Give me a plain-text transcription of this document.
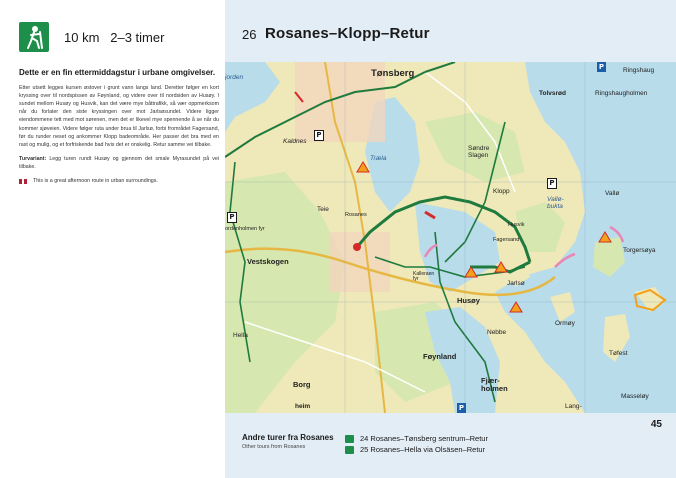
10 km 2–3 timer

Dette er en fin ettermiddagstur i urbane omgivelser.

Etter utsett legges kursen østover i grunt vann langs land. Deretter følger en kort kryssing over til nordspissen av Føynland, og videre over til nordsiden av Husøy. I sundet mellom Husøy og Husvik, kan det være mye båttrafikk, så vær oppmerksom når du forlater den siste kryssingen over mot Jarlsøsundet. Videre ligger eiendommene tett med mot sørenen, men det er likevel mye spennende å se når du kommer sjøveien. Videre følger ruta under brua til Jarlsø, forbi frområdet Fagersand, før du runder neset og ankommer Klopp badeområde. Her passer det bra med en rast og mulig, og et forfriskende bad hvis det er onskelig. Retur samme vei tilbake.

Turvariant: Legg turen rundt Husøy og gjennom det smale Myrasundet på vei tilbake.

This is a great afternoon route in urban surroundings.
26 Rosanes–Klopp–Retur
Tønsberg	Ringshaug
Ringshaugholmen
Tolvsrød
jorden
Kaldnes
Træla
Søndre
Slagen
Klopp	Vallø
Vallø-
bukta
Husvik
Fagersand
Teie
Rosanes
ordenholmen fyr
Vestskogen
Kalleraen
fyr
Jarlsø
Torgersøya
Husøy
Ormøy
Nebbe
Hella
Føynland	Tøfest
Borg
heim
Fjær-
holmen
Lang-
Masseløy
P
P
P
P
P
Andre turer fra Rosanes
Other tours from Rosanes
24 Rosanes–Tønsberg sentrum–Retur
25 Rosanes–Hella via Olsäsen–Retur
45
